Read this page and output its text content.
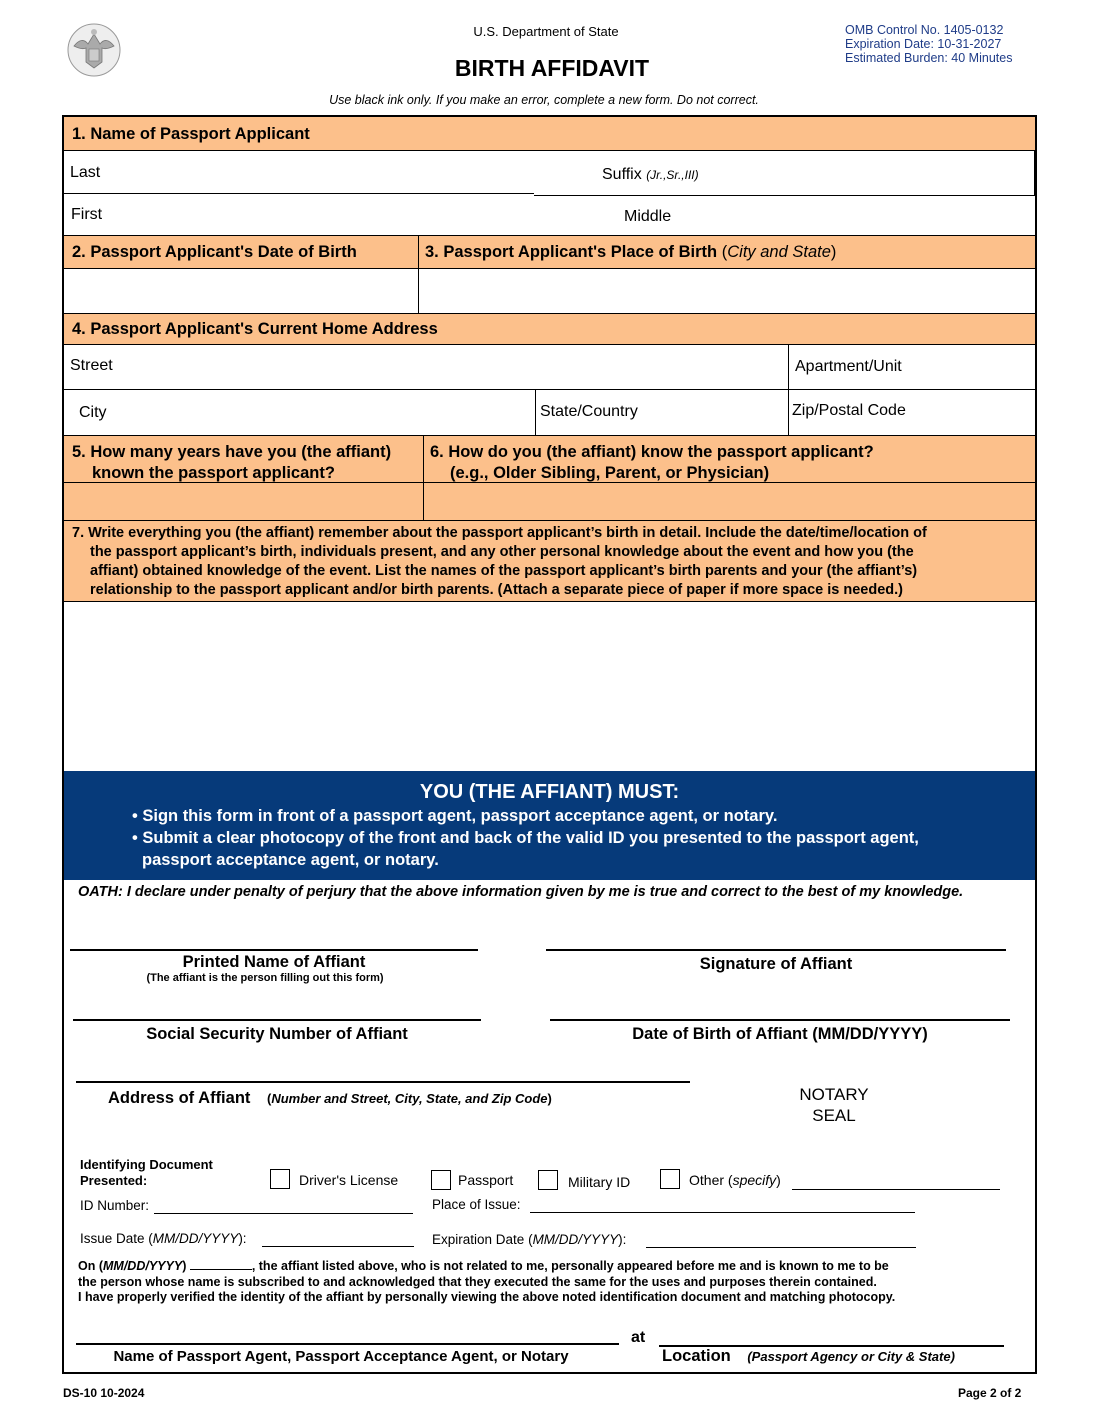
U.S. Department of State
BIRTH AFFIDAVIT
OMB Control No. 1405-0132
Expiration Date: 10-31-2027
Estimated Burden: 40 Minutes
Use black ink only. If you make an error, complete a new form. Do not correct.
1. Name of Passport Applicant
Last	Suffix (Jr.,Sr.,III)
First	Middle
2. Passport Applicant's Date of Birth	3. Passport Applicant's Place of Birth (City and State)
4. Passport Applicant's Current Home Address
Street	Apartment/Unit
City	State/Country	Zip/Postal Code
5. How many years have you (the affiant)
known the passport applicant?
6. How do you (the affiant) know the passport applicant?
(e.g., Older Sibling, Parent, or Physician)
7. Write everything you (the affiant) remember about the passport applicant’s birth in detail. Include the date/time/location of
the passport applicant’s birth, individuals present, and any other personal knowledge about the event and how you (the
affiant) obtained knowledge of the event. List the names of the passport applicant’s birth parents and your (the affiant’s)
relationship to the passport applicant and/or birth parents. (Attach a separate piece of paper if more space is needed.)
YOU (THE AFFIANT) MUST:
• Sign this form in front of a passport agent, passport acceptance agent, or notary.
• Submit a clear photocopy of the front and back of the valid ID you presented to the passport agent,
passport acceptance agent, or notary.
OATH: I declare under penalty of perjury that the above information given by me is true and correct to the best of my knowledge.
Printed Name of Affiant
(The affiant is the person filling out this form)
Signature of Affiant
Social Security Number of Affiant	Date of Birth of Affiant (MM/DD/YYYY)
Address of Affiant (Number and Street, City, State, and Zip Code)	NOTARY
SEAL
Identifying Document
Presented:	Driver's License	Passport	Military ID	Other (specify)
ID Number:	Place of Issue:
Issue Date (MM/DD/YYYY):	Expiration Date (MM/DD/YYYY):
On (MM/DD/YYYY)	, the affiant listed above, who is not related to me, personally appeared before me and is known to me to be
the person whose name is subscribed to and acknowledged that they executed the same for the uses and purposes therein contained.
I have properly verified the identity of the affiant by personally viewing the above noted identification document and matching photocopy.
Name of Passport Agent, Passport Acceptance Agent, or Notary
at
Location (Passport Agency or City & State)
DS-10 10-2024	Page 2 of 2
